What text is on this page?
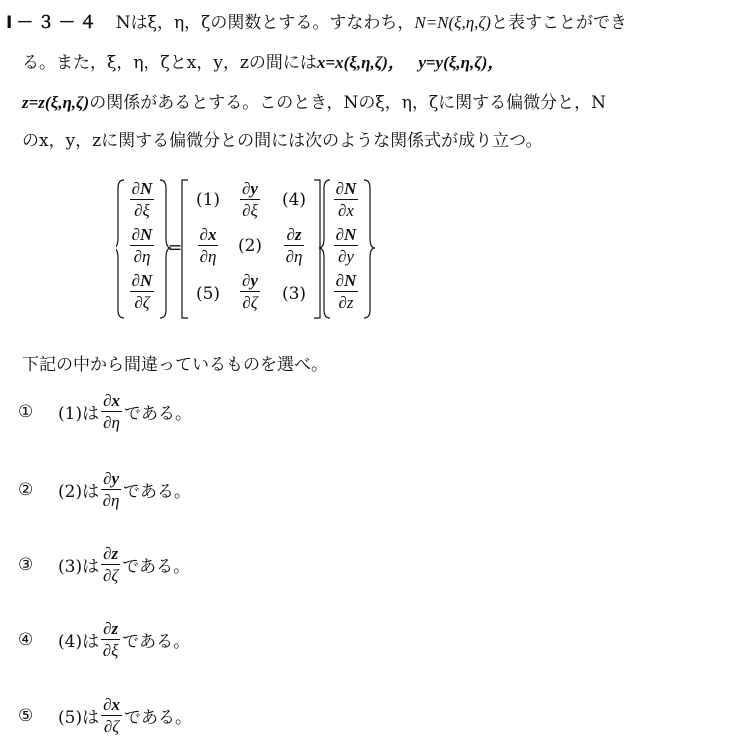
Ⅰ－３－４ Nはξ，η，ζの関数とする。すなわち，N=N(ξ,η,ζ)と表すことができ
る。また，ξ，η，ζとx，y，zの間にはx=x(ξ,η,ζ)， y=y(ξ,η,ζ)，
z=z(ξ,η,ζ)の関係があるとする。このとき，Nのξ，η，ζに関する偏微分と，N
のx，y，zに関する偏微分との間には次のような関係式が成り立つ。
$\frac{\partial N}{\partial\xi}$
$\frac{\partial N}{\partial\eta}$
$\frac{\partial N}{\partial\zeta}$
=
(1)	$\frac{\partial y}{\partial\xi}$	(4)
$\frac{\partial x}{\partial\eta}$	(2)	$\frac{\partial z}{\partial\eta}$
(5)	$\frac{\partial y}{\partial\zeta}$	(3)
$\frac{\partial N}{\partial x}$
$\frac{\partial N}{\partial y}$
$\frac{\partial N}{\partial z}$
下記の中から間違っているものを選べ。
①	(1)は $\frac{\partial x}{\partial\eta}$ である。
②	(2)は $\frac{\partial y}{\partial\eta}$ である。
③	(3)は $\frac{\partial z}{\partial\zeta}$ である。
④	(4)は $\frac{\partial z}{\partial\xi}$ である。
⑤	(5)は $\frac{\partial x}{\partial\zeta}$ である。
